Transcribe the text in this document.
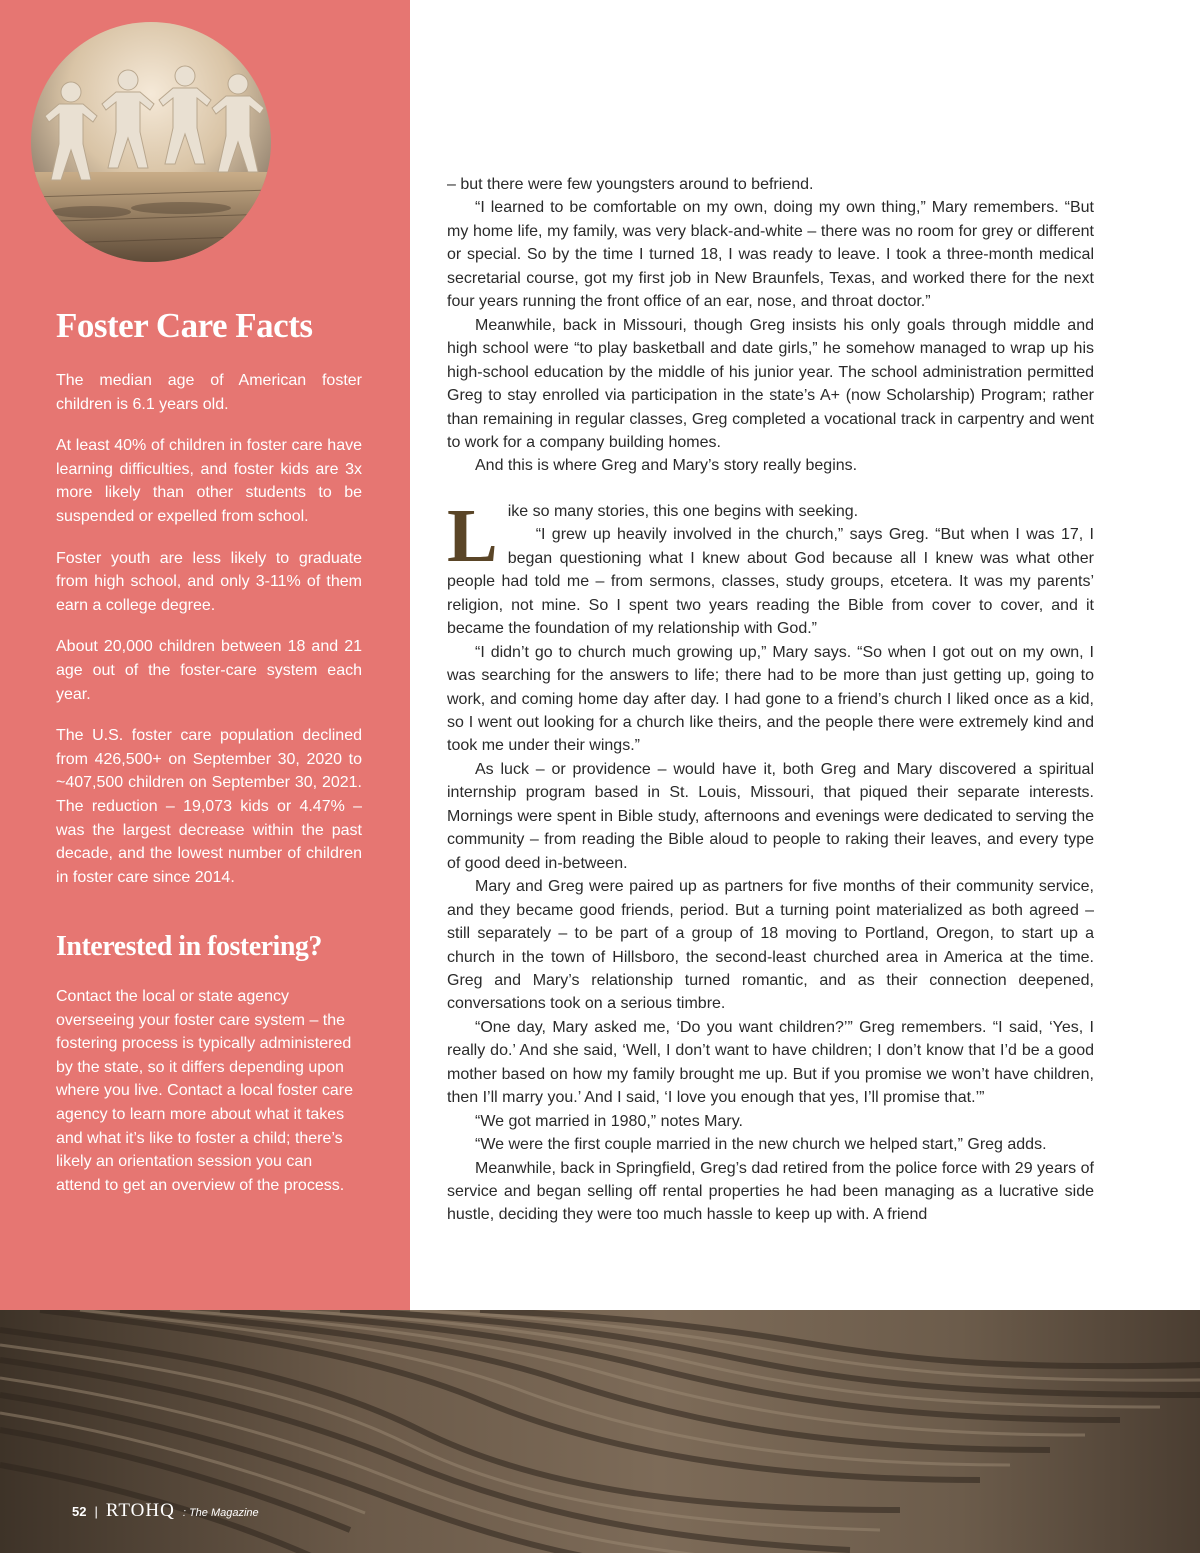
Foster Care Facts

The median age of American foster children is 6.1 years old.

At least 40% of children in foster care have learning difficulties, and foster kids are 3x more likely than other students to be suspended or expelled from school.

Foster youth are less likely to graduate from high school, and only 3-11% of them earn a college degree.

About 20,000 children between 18 and 21 age out of the foster-care system each year.

The U.S. foster care population declined from 426,500+ on September 30, 2020 to ~407,500 children on September 30, 2021. The reduction – 19,073 kids or 4.47% – was the largest decrease within the past decade, and the lowest number of children in foster care since 2014.

Interested in fostering?

Contact the local or state agency overseeing your foster care system – the fostering process is typically administered by the state, so it differs depending upon where you live. Contact a local foster care agency to learn more about what it takes and what it’s like to foster a child; there’s likely an orientation session you can attend to get an overview of the process.

– but there were few youngsters around to befriend.

“I learned to be comfortable on my own, doing my own thing,” Mary remembers. “But my home life, my family, was very black-and-white – there was no room for grey or different or special. So by the time I turned 18, I was ready to leave. I took a three-month medical secretarial course, got my first job in New Braunfels, Texas, and worked there for the next four years running the front office of an ear, nose, and throat doctor.”

Meanwhile, back in Missouri, though Greg insists his only goals through middle and high school were “to play basketball and date girls,” he somehow managed to wrap up his high-school education by the middle of his junior year. The school administration permitted Greg to stay enrolled via participation in the state’s A+ (now Scholarship) Program; rather than remaining in regular classes, Greg completed a vocational track in carpentry and went to work for a company building homes.

And this is where Greg and Mary’s story really begins.

Like so many stories, this one begins with seeking.

“I grew up heavily involved in the church,” says Greg. “But when I was 17, I began questioning what I knew about God because all I knew was what other people had told me – from sermons, classes, study groups, etcetera. It was my parents’ religion, not mine. So I spent two years reading the Bible from cover to cover, and it became the foundation of my relationship with God.”

“I didn’t go to church much growing up,” Mary says. “So when I got out on my own, I was searching for the answers to life; there had to be more than just getting up, going to work, and coming home day after day. I had gone to a friend’s church I liked once as a kid, so I went out looking for a church like theirs, and the people there were extremely kind and took me under their wings.”

As luck – or providence – would have it, both Greg and Mary discovered a spiritual internship program based in St. Louis, Missouri, that piqued their separate interests. Mornings were spent in Bible study, afternoons and evenings were dedicated to serving the community – from reading the Bible aloud to people to raking their leaves, and every type of good deed in-between.

Mary and Greg were paired up as partners for five months of their community service, and they became good friends, period. But a turning point materialized as both agreed – still separately – to be part of a group of 18 moving to Portland, Oregon, to start up a church in the town of Hillsboro, the second-least churched area in America at the time. Greg and Mary’s relationship turned romantic, and as their connection deepened, conversations took on a serious timbre.

“One day, Mary asked me, ‘Do you want children?’” Greg remembers. “I said, ‘Yes, I really do.’ And she said, ‘Well, I don’t want to have children; I don’t know that I’d be a good mother based on how my family brought me up. But if you promise we won’t have children, then I’ll marry you.’ And I said, ‘I love you enough that yes, I’ll promise that.’”

“We got married in 1980,” notes Mary.

“We were the first couple married in the new church we helped start,” Greg adds.

Meanwhile, back in Springfield, Greg’s dad retired from the police force with 29 years of service and began selling off rental properties he had been managing as a lucrative side hustle, deciding they were too much hassle to keep up with. A friend

52 | RTOHQ : The Magazine
